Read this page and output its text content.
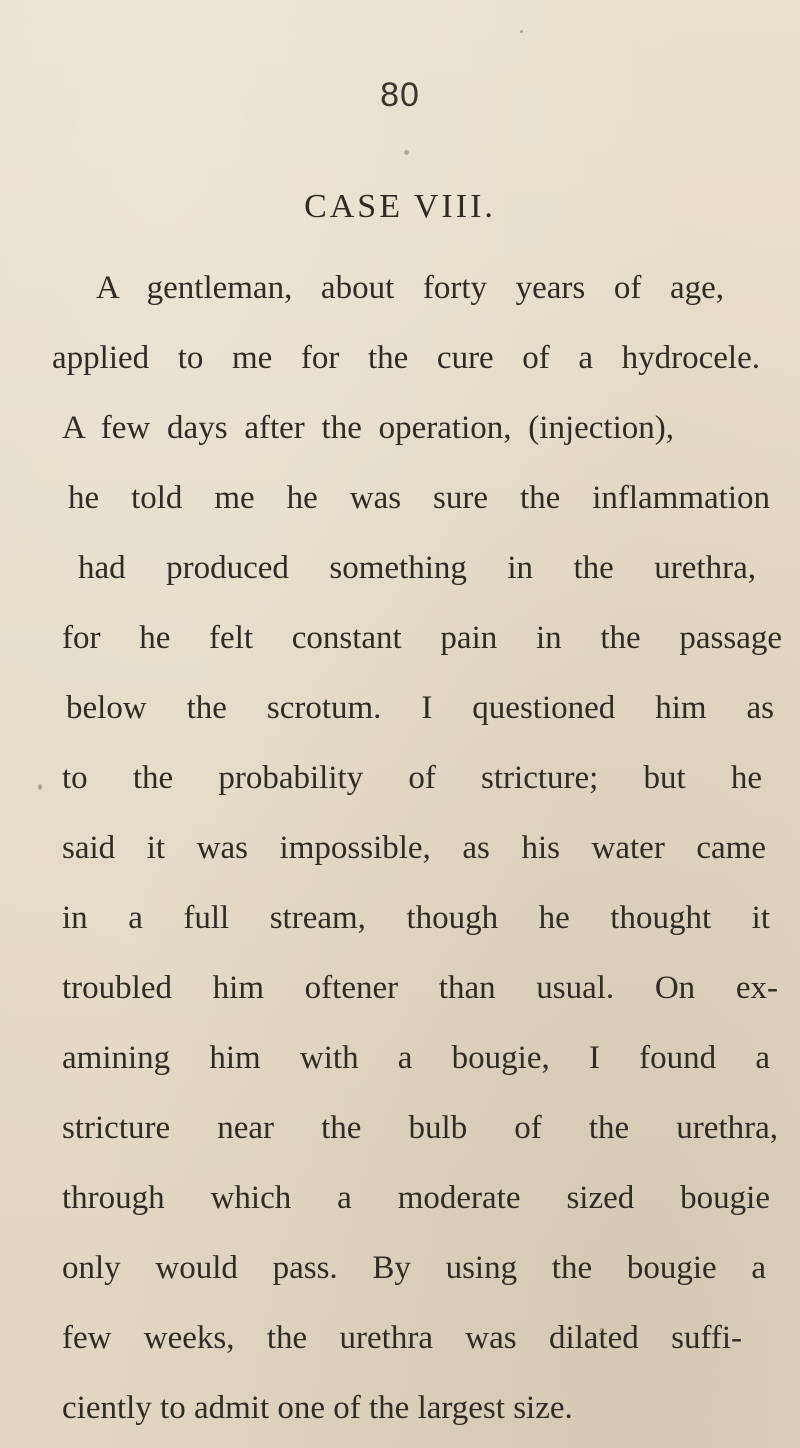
80
CASE VIII.
A gentleman, about forty years of age,
applied to me for the cure of a hydrocele.
A few days after the operation, (injection),
he told me he was sure the inflammation
had produced something in the urethra,
for he felt constant pain in the passage
below the scrotum. I questioned him as
to the probability of stricture; but he
said it was impossible, as his water came
in a full stream, though he thought it
troubled him oftener than usual. On ex-
amining him with a bougie, I found a
stricture near the bulb of the urethra,
through which a moderate sized bougie
only would pass. By using the bougie a
few weeks, the urethra was dilated suffi-
ciently to admit one of the largest size.
